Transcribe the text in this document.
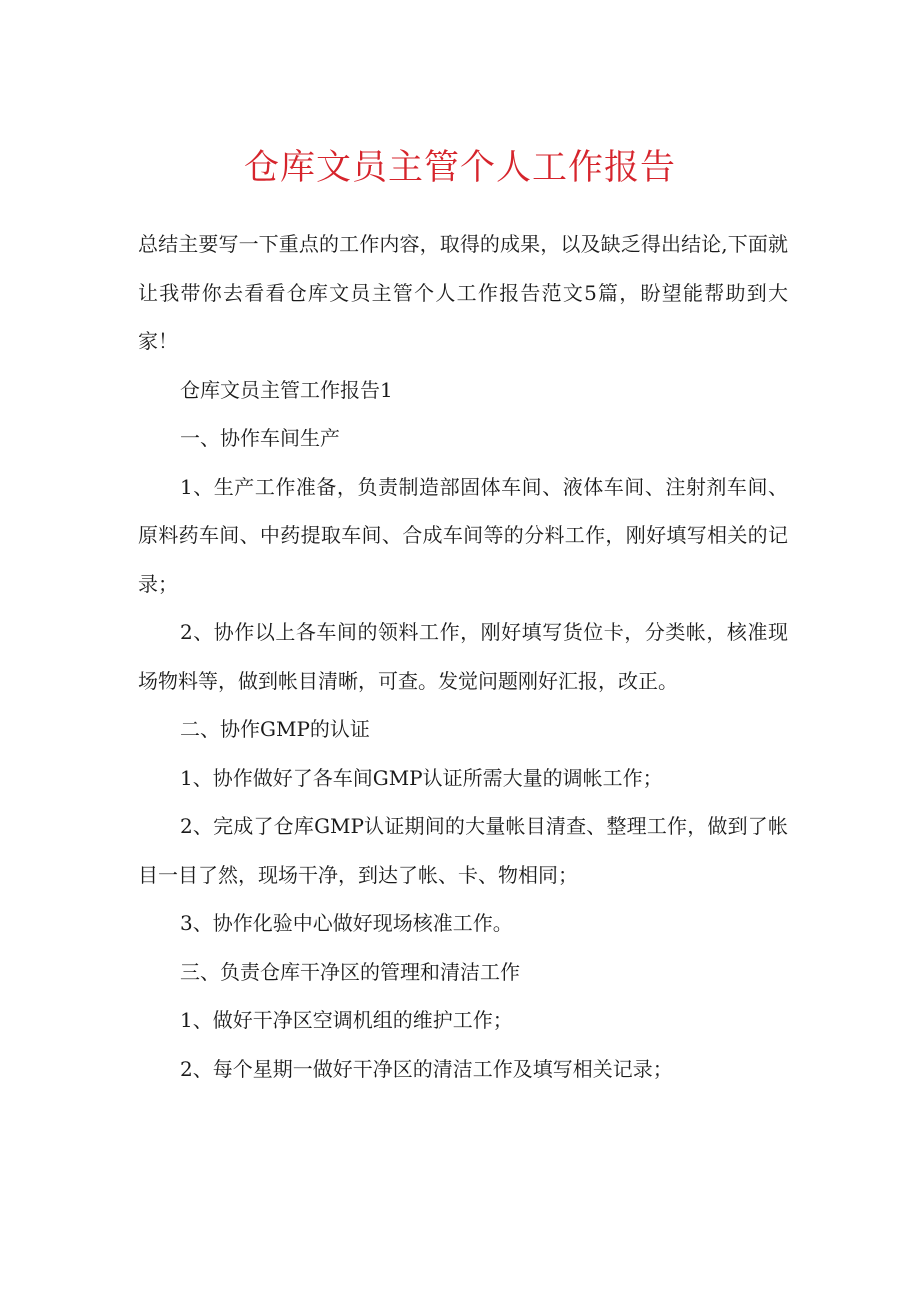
仓库文员主管个人工作报告

总结主要写一下重点的工作内容，取得的成果，以及缺乏得出结论,下面就让我带你去看看仓库文员主管个人工作报告范文5篇，盼望能帮助到大家！

仓库文员主管工作报告1

一、协作车间生产

1、生产工作准备，负责制造部固体车间、液体车间、注射剂车间、原料药车间、中药提取车间、合成车间等的分料工作，刚好填写相关的记录；

2、协作以上各车间的领料工作，刚好填写货位卡，分类帐，核准现场物料等，做到帐目清晰，可查。发觉问题刚好汇报，改正。

二、协作GMP的认证

1、协作做好了各车间GMP认证所需大量的调帐工作；

2、完成了仓库GMP认证期间的大量帐目清查、整理工作，做到了帐目一目了然，现场干净，到达了帐、卡、物相同；

3、协作化验中心做好现场核准工作。

三、负责仓库干净区的管理和清洁工作

1、做好干净区空调机组的维护工作；

2、每个星期一做好干净区的清洁工作及填写相关记录；
